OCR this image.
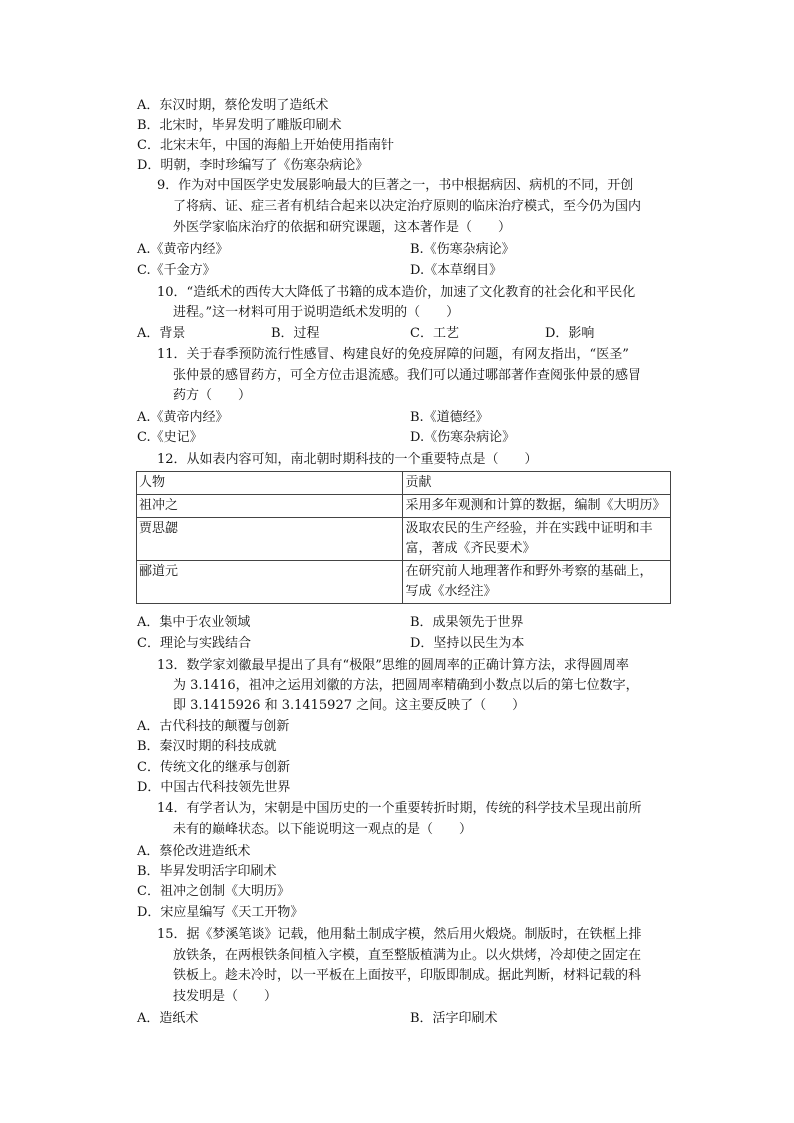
A．东汉时期，蔡伦发明了造纸术
B．北宋时，毕昇发明了雕版印刷术
C．北宋末年，中国的海船上开始使用指南针
D．明朝，李时珍编写了《伤寒杂病论》
9．作为对中国医学史发展影响最大的巨著之一，书中根据病因、病机的不同，开创
了将病、证、症三者有机结合起来以决定治疗原则的临床治疗模式，至今仍为国内
外医学家临床治疗的依据和研究课题，这本著作是（　　）
A.《黄帝内经》	B.《伤寒杂病论》
C.《千金方》	D.《本草纲目》
10．“造纸术的西传大大降低了书籍的成本造价，加速了文化教育的社会化和平民化
进程。”这一材料可用于说明造纸术发明的（　　）
A．背景	B．过程	C．工艺	D．影响
11．关于春季预防流行性感冒、构建良好的免疫屏障的问题，有网友指出，“医圣”
张仲景的感冒药方，可全方位击退流感。我们可以通过哪部著作查阅张仲景的感冒
药方（　　）
A.《黄帝内经》	B.《道德经》
C.《史记》	D.《伤寒杂病论》
12．从如表内容可知，南北朝时期科技的一个重要特点是（　　）
人物	贡献
祖冲之	采用多年观测和计算的数据，编制《大明历》
贾思勰	汲取农民的生产经验，并在实践中证明和丰
富，著成《齐民要术》
郦道元	在研究前人地理著作和野外考察的基础上，
写成《水经注》
A．集中于农业领域	B．成果领先于世界
C．理论与实践结合	D．坚持以民生为本
13．数学家刘徽最早提出了具有“极限”思维的圆周率的正确计算方法，求得圆周率
为 3.1416，祖冲之运用刘徽的方法，把圆周率精确到小数点以后的第七位数字，
即 3.1415926 和 3.1415927 之间。这主要反映了（　　）
A．古代科技的颠覆与创新
B．秦汉时期的科技成就
C．传统文化的继承与创新
D．中国古代科技领先世界
14．有学者认为，宋朝是中国历史的一个重要转折时期，传统的科学技术呈现出前所
未有的巅峰状态。以下能说明这一观点的是（　　）
A．蔡伦改进造纸术
B．毕昇发明活字印刷术
C．祖冲之创制《大明历》
D．宋应星编写《天工开物》
15．据《梦溪笔谈》记载，他用黏土制成字模，然后用火煅烧。制版时，在铁框上排
放铁条，在两根铁条间植入字模，直至整版植满为止。以火烘烤，冷却使之固定在
铁板上。趁未冷时，以一平板在上面按平，印版即制成。据此判断，材料记载的科
技发明是（　　）
A．造纸术	B．活字印刷术
